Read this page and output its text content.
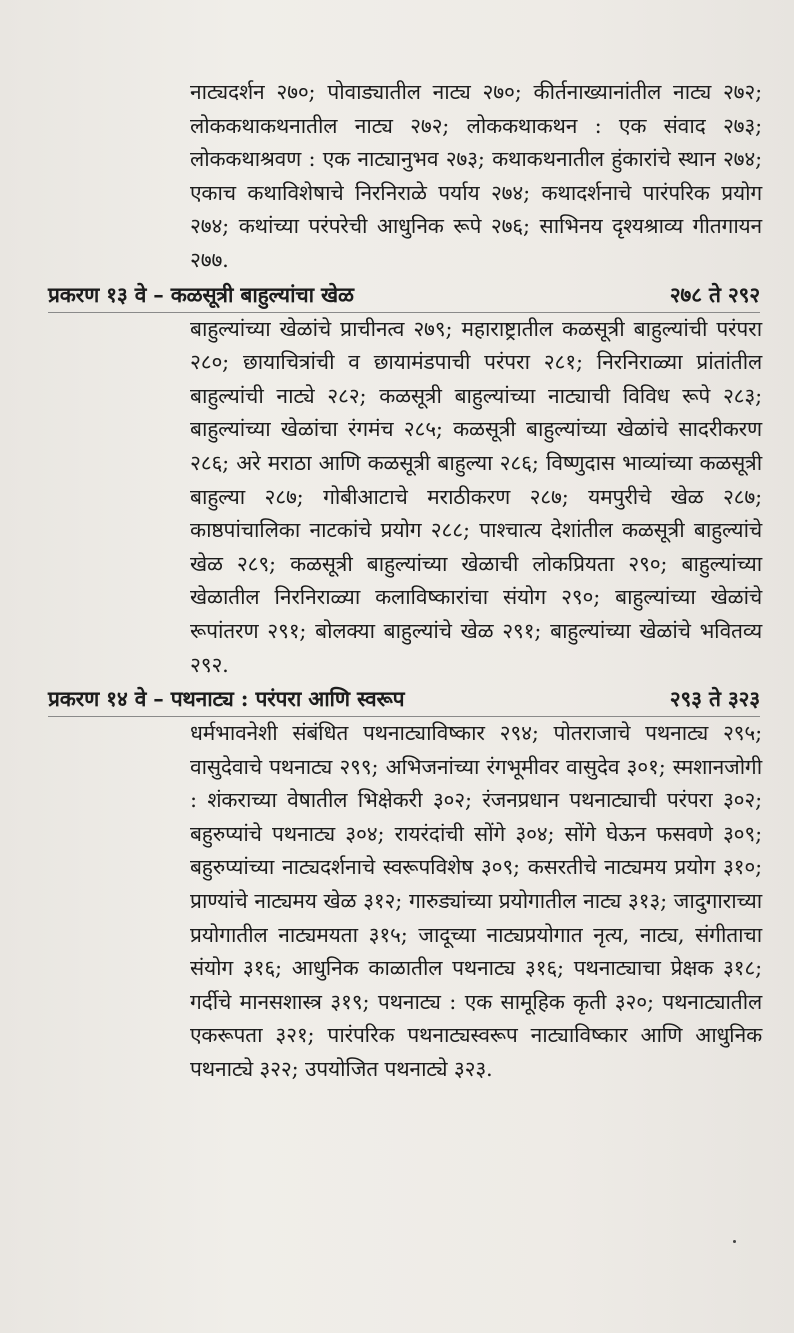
नाट्यदर्शन २७०; पोवाड्यातील नाट्य २७०; कीर्तनाख्यानांतील नाट्य २७२; लोककथाकथनातील नाट्य २७२; लोककथाकथन : एक संवाद २७३; लोककथाश्रवण : एक नाट्यानुभव २७३; कथाकथनातील हुंकारांचे स्थान २७४; एकाच कथाविशेषाचे निरनिराळे पर्याय २७४; कथादर्शनाचे पारंपरिक प्रयोग २७४; कथांच्या परंपरेची आधुनिक रूपे २७६; साभिनय दृश्यश्राव्य गीतगायन २७७.
प्रकरण १३ वे – कळसूत्री बाहुल्यांचा खेळ	२७८ ते २९२
बाहुल्यांच्या खेळांचे प्राचीनत्व २७९; महाराष्ट्रातील कळसूत्री बाहुल्यांची परंपरा २८०; छायाचित्रांची व छायामंडपाची परंपरा २८१; निरनिराळ्या प्रांतांतील बाहुल्यांची नाट्ये २८२; कळसूत्री बाहुल्यांच्या नाट्याची विविध रूपे २८३; बाहुल्यांच्या खेळांचा रंगमंच २८५; कळसूत्री बाहुल्यांच्या खेळांचे सादरीकरण २८६; अरे मराठा आणि कळसूत्री बाहुल्या २८६; विष्णुदास भाव्यांच्या कळसूत्री बाहुल्या २८७; गोबीआटाचे मराठीकरण २८७; यमपुरीचे खेळ २८७; काष्ठपांचालिका नाटकांचे प्रयोग २८८; पाश्चात्य देशांतील कळसूत्री बाहुल्यांचे खेळ २८९; कळसूत्री बाहुल्यांच्या खेळाची लोकप्रियता २९०; बाहुल्यांच्या खेळातील निरनिराळ्या कलाविष्कारांचा संयोग २९०; बाहुल्यांच्या खेळांचे रूपांतरण २९१; बोलक्या बाहुल्यांचे खेळ २९१; बाहुल्यांच्या खेळांचे भवितव्य २९२.
प्रकरण १४ वे – पथनाट्य : परंपरा आणि स्वरूप	२९३ ते ३२३
धर्मभावनेशी संबंधित पथनाट्याविष्कार २९४; पोतराजाचे पथनाट्य २९५; वासुदेवाचे पथनाट्य २९९; अभिजनांच्या रंगभूमीवर वासुदेव ३०१; स्मशानजोगी : शंकराच्या वेषातील भिक्षेकरी ३०२; रंजनप्रधान पथनाट्याची परंपरा ३०२; बहुरुप्यांचे पथनाट्य ३०४; रायरंदांची सोंगे ३०४; सोंगे घेऊन फसवणे ३०९; बहुरुप्यांच्या नाट्यदर्शनाचे स्वरूपविशेष ३०९; कसरतीचे नाट्यमय प्रयोग ३१०; प्राण्यांचे नाट्यमय खेळ ३१२; गारुड्यांच्या प्रयोगातील नाट्य ३१३; जादुगाराच्या प्रयोगातील नाट्यमयता ३१५; जादूच्या नाट्यप्रयोगात नृत्य, नाट्य, संगीताचा संयोग ३१६; आधुनिक काळातील पथनाट्य ३१६; पथनाट्याचा प्रेक्षक ३१८; गर्दीचे मानसशास्त्र ३१९; पथनाट्य : एक सामूहिक कृती ३२०; पथनाट्यातील एकरूपता ३२१; पारंपरिक पथनाट्यस्वरूप नाट्याविष्कार आणि आधुनिक पथनाट्ये ३२२; उपयोजित पथनाट्ये ३२३.
